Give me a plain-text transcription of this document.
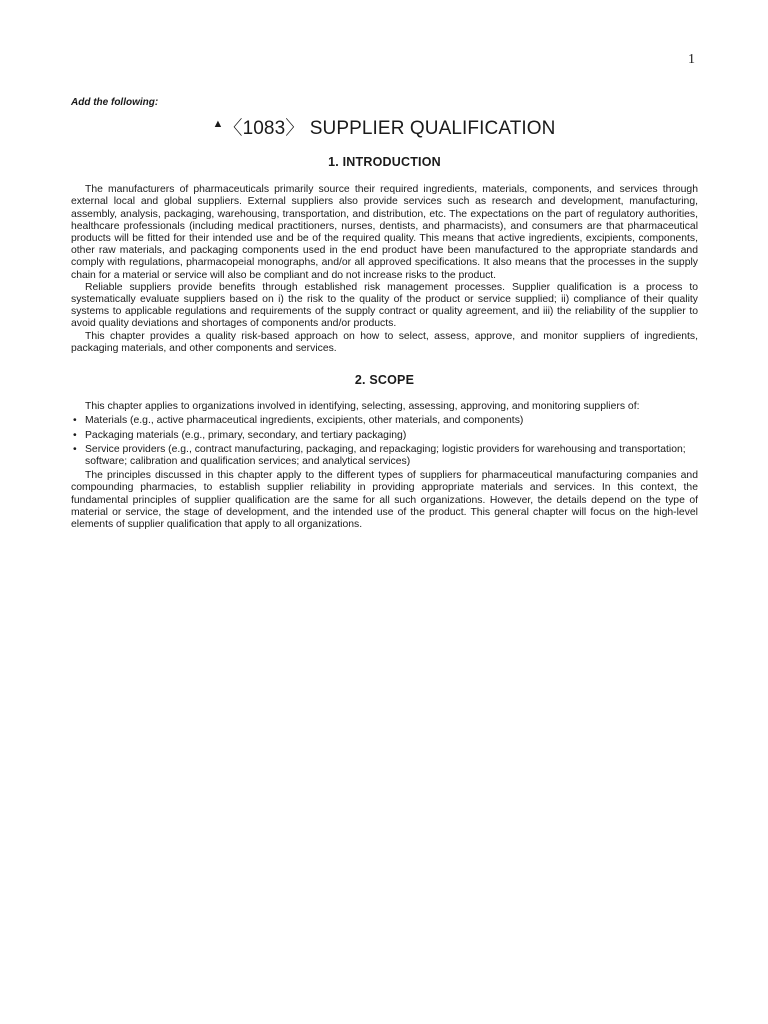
1
Add the following:
▲〈1083〉 SUPPLIER QUALIFICATION
1. INTRODUCTION

The manufacturers of pharmaceuticals primarily source their required ingredients, materials, components, and services through external local and global suppliers. External suppliers also provide services such as research and development, manufacturing, assembly, analysis, packaging, warehousing, transportation, and distribution, etc. The expectations on the part of regulatory authorities, healthcare professionals (including medical practitioners, nurses, dentists, and pharmacists), and consumers are that pharmaceutical products will be fitted for their intended use and be of the required quality. This means that active ingredients, excipients, components, other raw materials, and packaging components used in the end product have been manufactured to the appropriate standards and comply with regulations, pharmacopeial monographs, and/or all approved specifications. It also means that the processes in the supply chain for a material or service will also be compliant and do not increase risks to the product.

Reliable suppliers provide benefits through established risk management processes. Supplier qualification is a process to systematically evaluate suppliers based on i) the risk to the quality of the product or service supplied; ii) compliance of their quality systems to applicable regulations and requirements of the supply contract or quality agreement, and iii) the reliability of the supplier to avoid quality deviations and shortages of components and/or products.

This chapter provides a quality risk-based approach on how to select, assess, approve, and monitor suppliers of ingredients, packaging materials, and other components and services.

2. SCOPE

This chapter applies to organizations involved in identifying, selecting, assessing, approving, and monitoring suppliers of:

• Materials (e.g., active pharmaceutical ingredients, excipients, other materials, and components)
• Packaging materials (e.g., primary, secondary, and tertiary packaging)
• Service providers (e.g., contract manufacturing, packaging, and repackaging; logistic providers for warehousing and transportation; software; calibration and qualification services; and analytical services)

The principles discussed in this chapter apply to the different types of suppliers for pharmaceutical manufacturing companies and compounding pharmacies, to establish supplier reliability in providing appropriate materials and services. In this context, the fundamental principles of supplier qualification are the same for all such organizations. However, the details depend on the type of material or service, the stage of development, and the intended use of the product. This general chapter will focus on the high-level elements of supplier qualification that apply to all organizations.
